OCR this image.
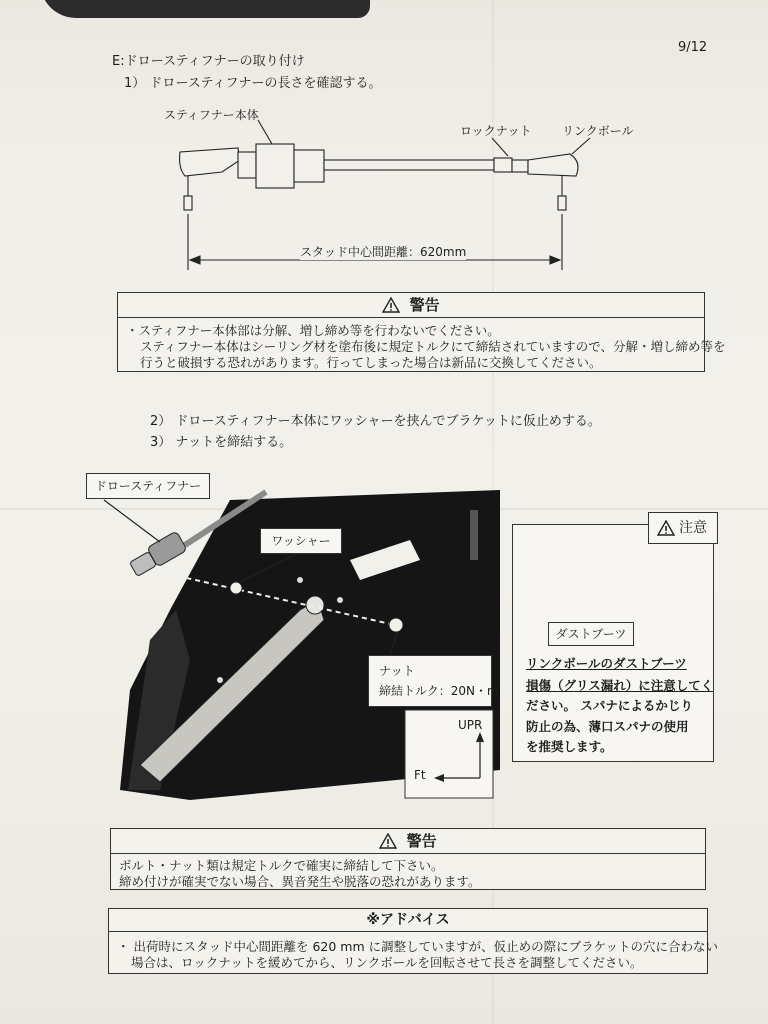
9/12
E:ドロースティフナーの取り付け
1） ドロースティフナーの長さを確認する。
スティフナー本体
ロックナット	リンクボール
スタッド中心間距離：620mm
警告
・スティフナー本体部は分解、増し締め等を行わないでください。
スティフナー本体はシーリング材を塗布後に規定トルクにて締結されていますので、分解・増し締め等を
行うと破損する恐れがあります。行ってしまった場合は新品に交換してください。
2） ドロースティフナー本体にワッシャーを挟んでブラケットに仮止めする。
3） ナットを締結する。
ドロースティフナー
ワッシャー
ナット
締結トルク：20N・m
UPR
Ft
注意
ダストブーツ
リンクボールのダストブーツ
損傷（グリス漏れ）に注意してく
ださい。 スパナによるかじり
防止の為、薄口スパナの使用
を推奨します。
警告
ボルト・ナット類は規定トルクで確実に締結して下さい。
締め付けが確実でない場合、異音発生や脱落の恐れがあります。
※アドバイス
・ 出荷時にスタッド中心間距離を 620 mm に調整していますが、仮止めの際にブラケットの穴に合わない
場合は、ロックナットを緩めてから、リンクボールを回転させて長さを調整してください。
